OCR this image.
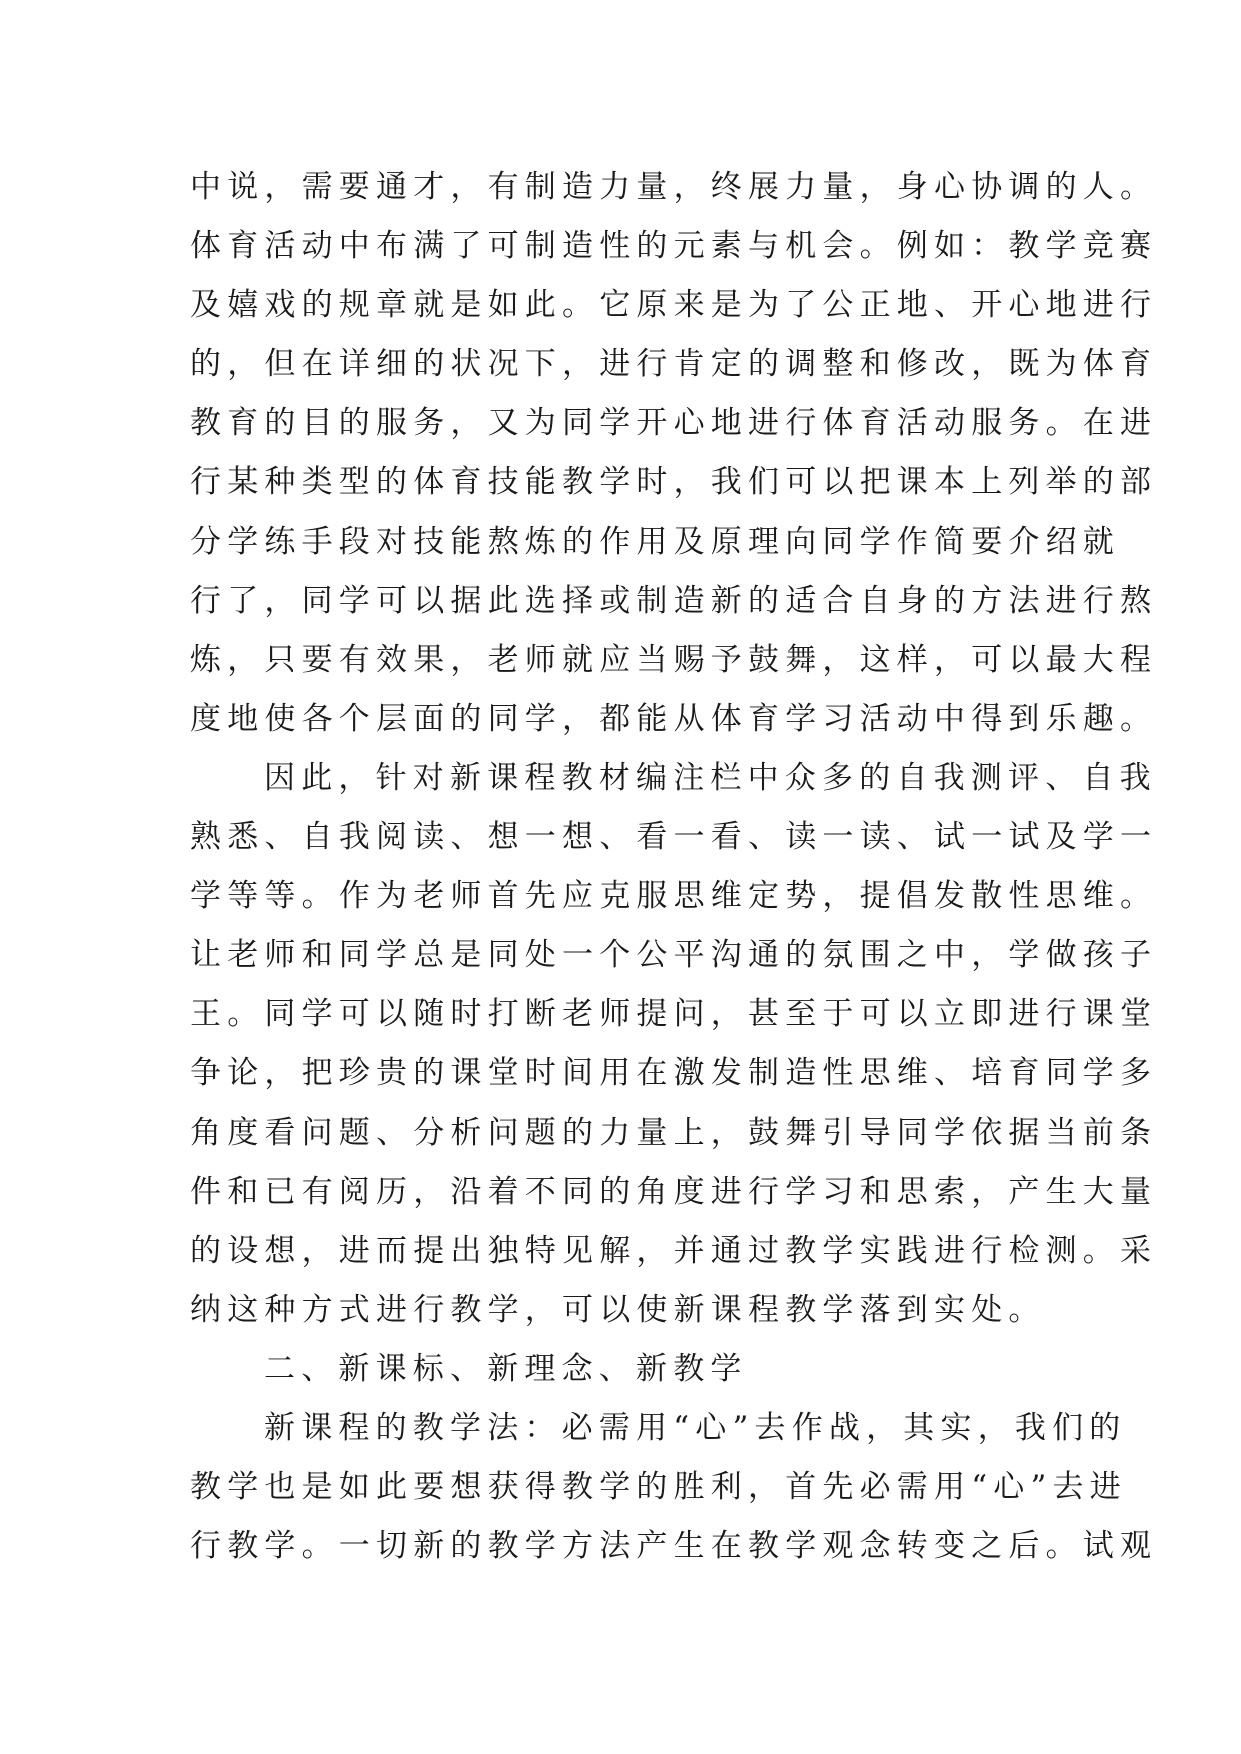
中说，需要通才，有制造力量，终展力量，身心协调的人。
体育活动中布满了可制造性的元素与机会。例如：教学竞赛
及嬉戏的规章就是如此。它原来是为了公正地、开心地进行
的，但在详细的状况下，进行肯定的调整和修改，既为体育
教育的目的服务，又为同学开心地进行体育活动服务。在进
行某种类型的体育技能教学时，我们可以把课本上列举的部
分学练手段对技能熬炼的作用及原理向同学作简要介绍就
行了，同学可以据此选择或制造新的适合自身的方法进行熬
炼，只要有效果，老师就应当赐予鼓舞，这样，可以最大程
度地使各个层面的同学，都能从体育学习活动中得到乐趣。
因此，针对新课程教材编注栏中众多的自我测评、自我
熟悉、自我阅读、想一想、看一看、读一读、试一试及学一
学等等。作为老师首先应克服思维定势，提倡发散性思维。
让老师和同学总是同处一个公平沟通的氛围之中，学做孩子
王。同学可以随时打断老师提问，甚至于可以立即进行课堂
争论，把珍贵的课堂时间用在激发制造性思维、培育同学多
角度看问题、分析问题的力量上，鼓舞引导同学依据当前条
件和已有阅历，沿着不同的角度进行学习和思索，产生大量
的设想，进而提出独特见解，并通过教学实践进行检测。采
纳这种方式进行教学，可以使新课程教学落到实处。
二、新课标、新理念、新教学
新课程的教学法：必需用“心”去作战，其实，我们的
教学也是如此要想获得教学的胜利，首先必需用“心”去进
行教学。一切新的教学方法产生在教学观念转变之后。试观
